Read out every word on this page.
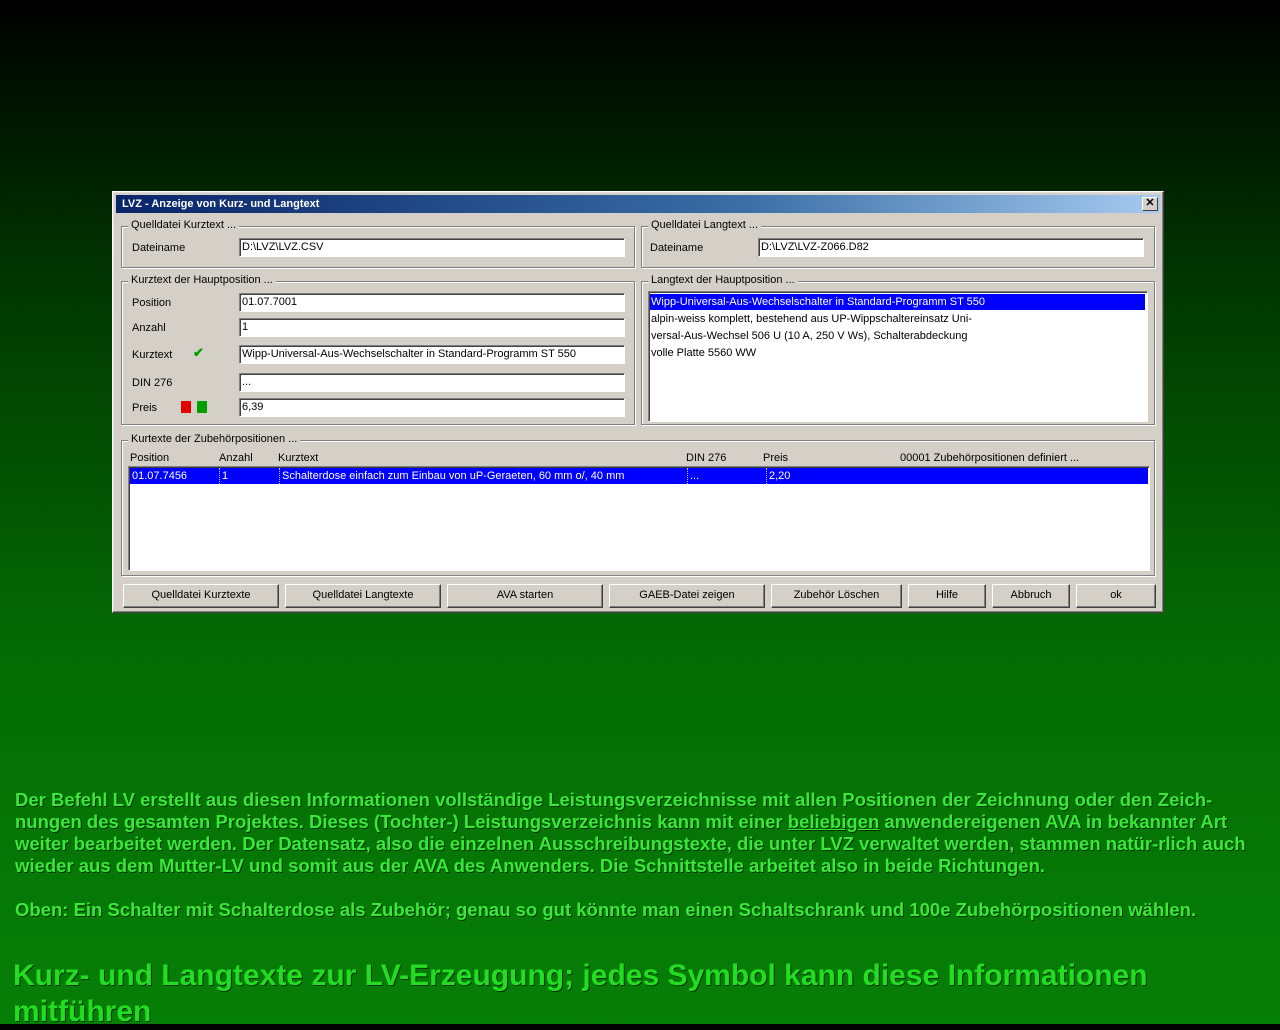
LVZ - Anzeige von Kurz- und Langtext	✕
Quelldatei Kurztext ...
Dateiname	D:\LVZ\LVZ.CSV
Quelldatei Langtext ...
Dateiname	D:\LVZ\LVZ-Z066.D82
Kurztext der Hauptposition ...
Position	01.07.7001
Anzahl	1
Kurztext ✔	Wipp-Universal-Aus-Wechselschalter in Standard-Programm ST 550
DIN 276	...
Preis	6,39
Langtext der Hauptposition ...
Wipp-Universal-Aus-Wechselschalter in Standard-Programm ST 550
alpin-weiss komplett, bestehend aus UP-Wippschaltereinsatz Uni-
versal-Aus-Wechsel 506 U (10 A, 250 V Ws), Schalterabdeckung
volle Platte 5560 WW
Kurtexte der Zubehörpositionen ...
Position	Anzahl Kurztext	DIN 276	Preis	00001 Zubehörpositionen definiert ...
01.07.7456	1	Schalterdose einfach zum Einbau von uP-Geraeten, 60 mm o/, 40 mm	...	2,20
Quelldatei Kurztexte	Quelldatei Langtexte	AVA starten	GAEB-Datei zeigen	Zubehör Löschen	Hilfe	Abbruch	ok
Der Befehl LV erstellt aus diesen Informationen vollständige Leistungsverzeichnisse mit allen Positionen der Zeichnung oder den Zeich-nungen des gesamten Projektes. Dieses (Tochter-) Leistungsverzeichnis kann mit einer beliebigen anwendereigenen AVA in bekannter Art weiter bearbeitet werden. Der Datensatz, also die einzelnen Ausschreibungstexte, die unter LVZ verwaltet werden, stammen natür-rlich auch wieder aus dem Mutter-LV und somit aus der AVA des Anwenders. Die Schnittstelle arbeitet also in beide Richtungen.
Oben: Ein Schalter mit Schalterdose als Zubehör; genau so gut könnte man einen Schaltschrank und 100e Zubehörpositionen wählen.
Kurz- und Langtexte zur LV-Erzeugung; jedes Symbol kann diese Informationen mitführen
